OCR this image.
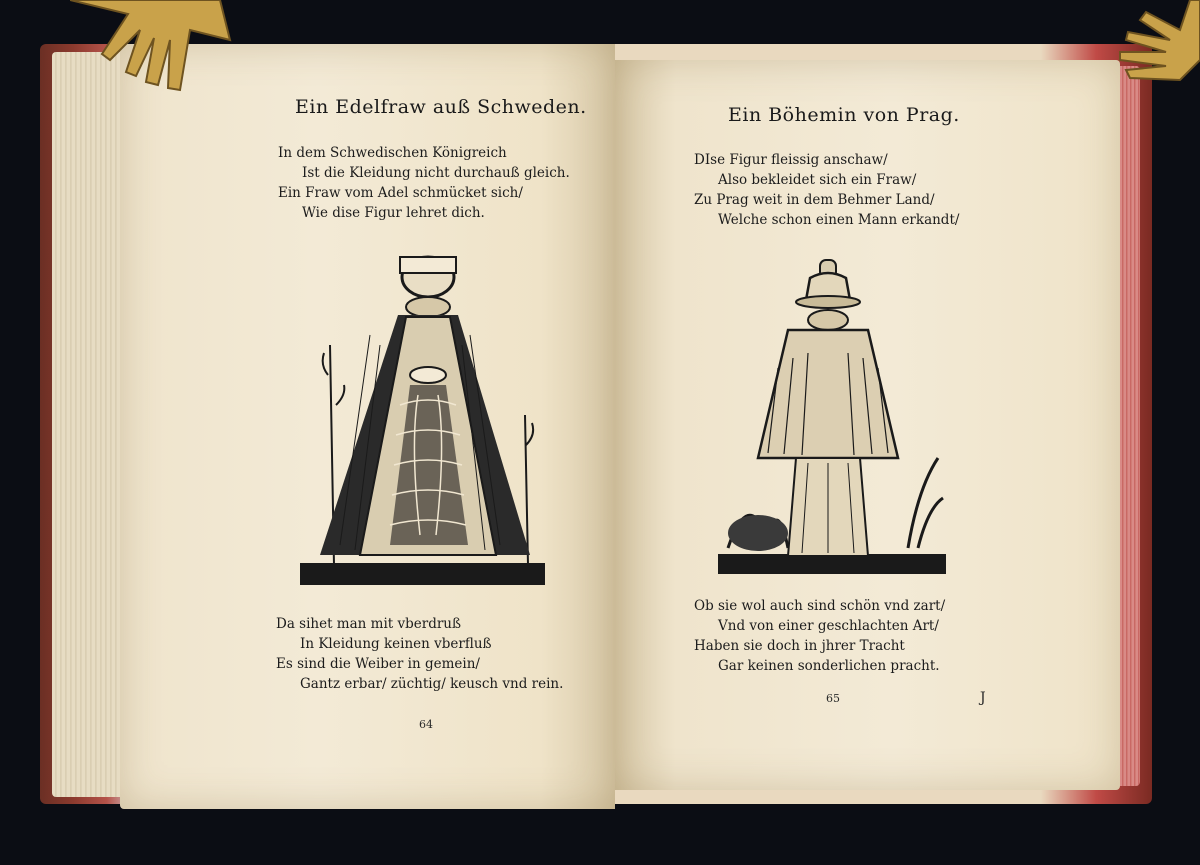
Ein Edelfraw auß Schweden.
In dem Schwedischen Königreich
Ist die Kleidung nicht durchauß gleich.
Ein Fraw vom Adel schmücket sich/
Wie dise Figur lehret dich.
Da sihet man mit vberdruß
In Kleidung keinen vberfluß
Es sind die Weiber in gemein/
Gantz erbar/ züchtig/ keusch vnd rein.
64
Ein Böhemin von Prag.
DIse Figur fleissig anschaw/
Also bekleidet sich ein Fraw/
Zu Prag weit in dem Behmer Land/
Welche schon einen Mann erkandt/
Ob sie wol auch sind schön vnd zart/
Vnd von einer geschlachten Art/
Haben sie doch in jhrer Tracht
Gar keinen sonderlichen pracht.
65	J
